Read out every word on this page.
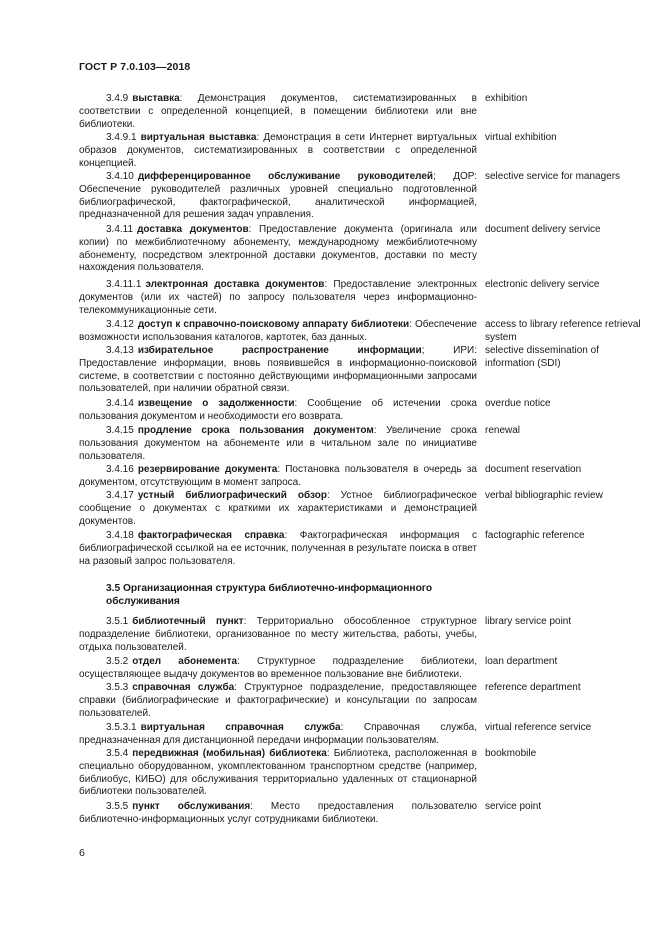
ГОСТ Р 7.0.103—2018
3.4.9 выставка: Демонстрация документов, систематизированных в соответствии с определенной концепцией, в помещении библиотеки или вне библиотеки.
exhibition
3.4.9.1 виртуальная выставка: Демонстрация в сети Интернет виртуальных образов документов, систематизированных в соответствии с определенной концепцией.
virtual exhibition
3.4.10 дифференцированное обслуживание руководителей; ДОР: Обеспечение руководителей различных уровней специально подготовленной библиографической, фактографической, аналитической информацией, предназначенной для решения задач управления.
selective service for managers
3.4.11 доставка документов: Предоставление документа (оригинала или копии) по межбиблиотечному абонементу, международному межбиблиотечному абонементу, посредством электронной доставки документов, доставки по месту нахождения пользователя.
document delivery service
3.4.11.1 электронная доставка документов: Предоставление электронных документов (или их частей) по запросу пользователя через информационно-телекоммуникационные сети.
electronic delivery service
3.4.12 доступ к справочно-поисковому аппарату библиотеки: Обеспечение возможности использования каталогов, картотек, баз данных.
access to library reference retrieval system
3.4.13 избирательное распространение информации; ИРИ: Предоставление информации, вновь появившейся в информационно-поисковой системе, в соответствии с постоянно действующими информационными запросами пользователей, при наличии обратной связи.
selective dissemination of information (SDI)
3.4.14 извещение о задолженности: Сообщение об истечении срока пользования документом и необходимости его возврата.
overdue notice
3.4.15 продление срока пользования документом: Увеличение срока пользования документом на абонементе или в читальном зале по инициативе пользователя.
renewal
3.4.16 резервирование документа: Постановка пользователя в очередь за документом, отсутствующим в момент запроса.
document reservation
3.4.17 устный библиографический обзор: Устное библиографическое сообщение о документах с краткими их характеристиками и демонстрацией документов.
verbal bibliographic review
3.4.18 фактографическая справка: Фактографическая информация с библиографической ссылкой на ее источник, полученная в результате поиска в ответ на разовый запрос пользователя.
factographic reference
3.5 Организационная структура библиотечно-информационного обслуживания
3.5.1 библиотечный пункт: Территориально обособленное структурное подразделение библиотеки, организованное по месту жительства, работы, учебы, отдыха пользователей.
library service point
3.5.2 отдел абонемента: Структурное подразделение библиотеки, осуществляющее выдачу документов во временное пользование вне библиотеки.
loan department
3.5.3 справочная служба: Структурное подразделение, предоставляющее справки (библиографические и фактографические) и консультации по запросам пользователей.
reference department
3.5.3.1 виртуальная справочная служба: Справочная служба, предназначенная для дистанционной передачи информации пользователям.
virtual reference service
3.5.4 передвижная (мобильная) библиотека: Библиотека, расположенная в специально оборудованном, укомплектованном транспортном средстве (например, библиобус, КИБО) для обслуживания территориально удаленных от стационарной библиотеки пользователей.
bookmobile
3.5.5 пункт обслуживания: Место предоставления пользователю библиотечно-информационных услуг сотрудниками библиотеки.
service point
6
